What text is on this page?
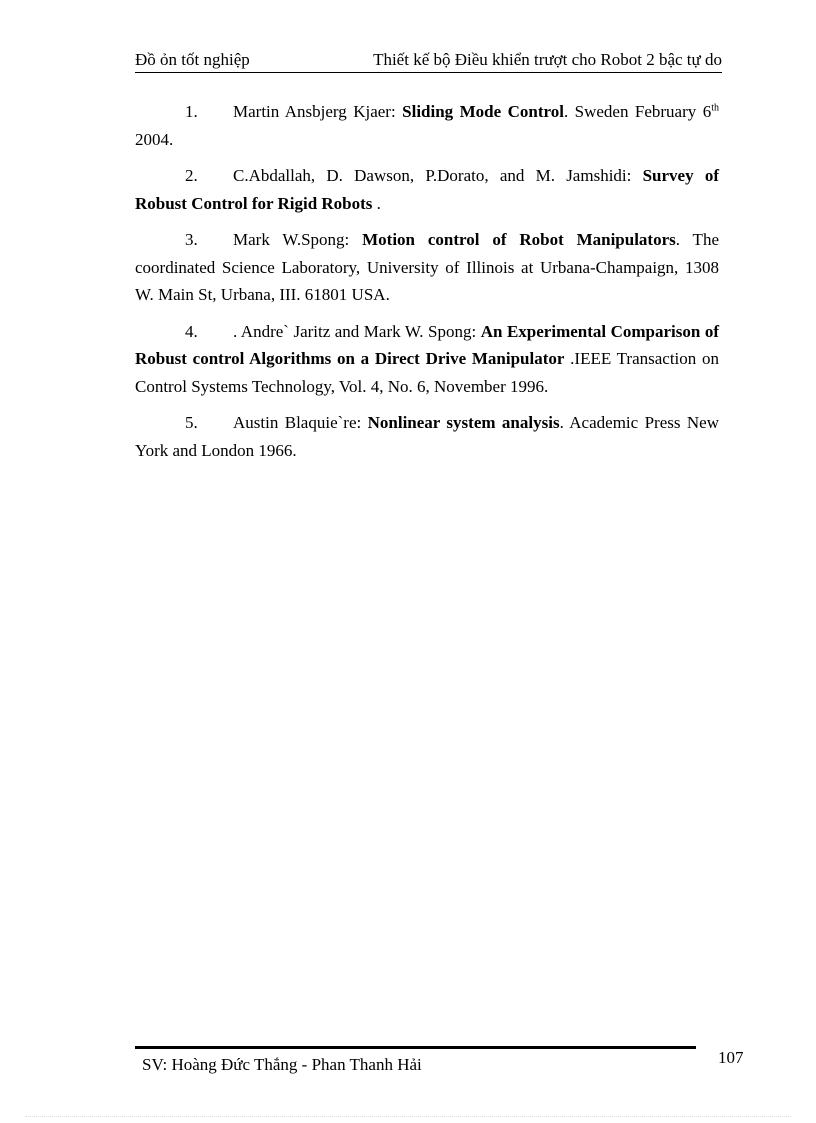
Đồ ỏn tốt nghiệp	Thiết kế bộ Điều khiển trượt cho Robot 2 bậc tự do

1. Martin Ansbjerg Kjaer: Sliding Mode Control. Sweden February 6th 2004.

2. C.Abdallah, D. Dawson, P.Dorato, and M. Jamshidi: Survey of Robust Control for Rigid Robots .

3. Mark W.Spong: Motion control of Robot Manipulators. The coordinated Science Laboratory, University of Illinois at Urbana-Champaign, 1308 W. Main St, Urbana, III. 61801 USA.

4. . Andre` Jaritz and Mark W. Spong: An Experimental Comparison of Robust control Algorithms on a Direct Drive Manipulator .IEEE Transaction on Control Systems Technology, Vol. 4, No. 6, November 1996.

5. Austin Blaquie`re: Nonlinear system analysis. Academic Press New York and London 1966.

SV: Hoàng Đức Thắng - Phan Thanh Hải	107
